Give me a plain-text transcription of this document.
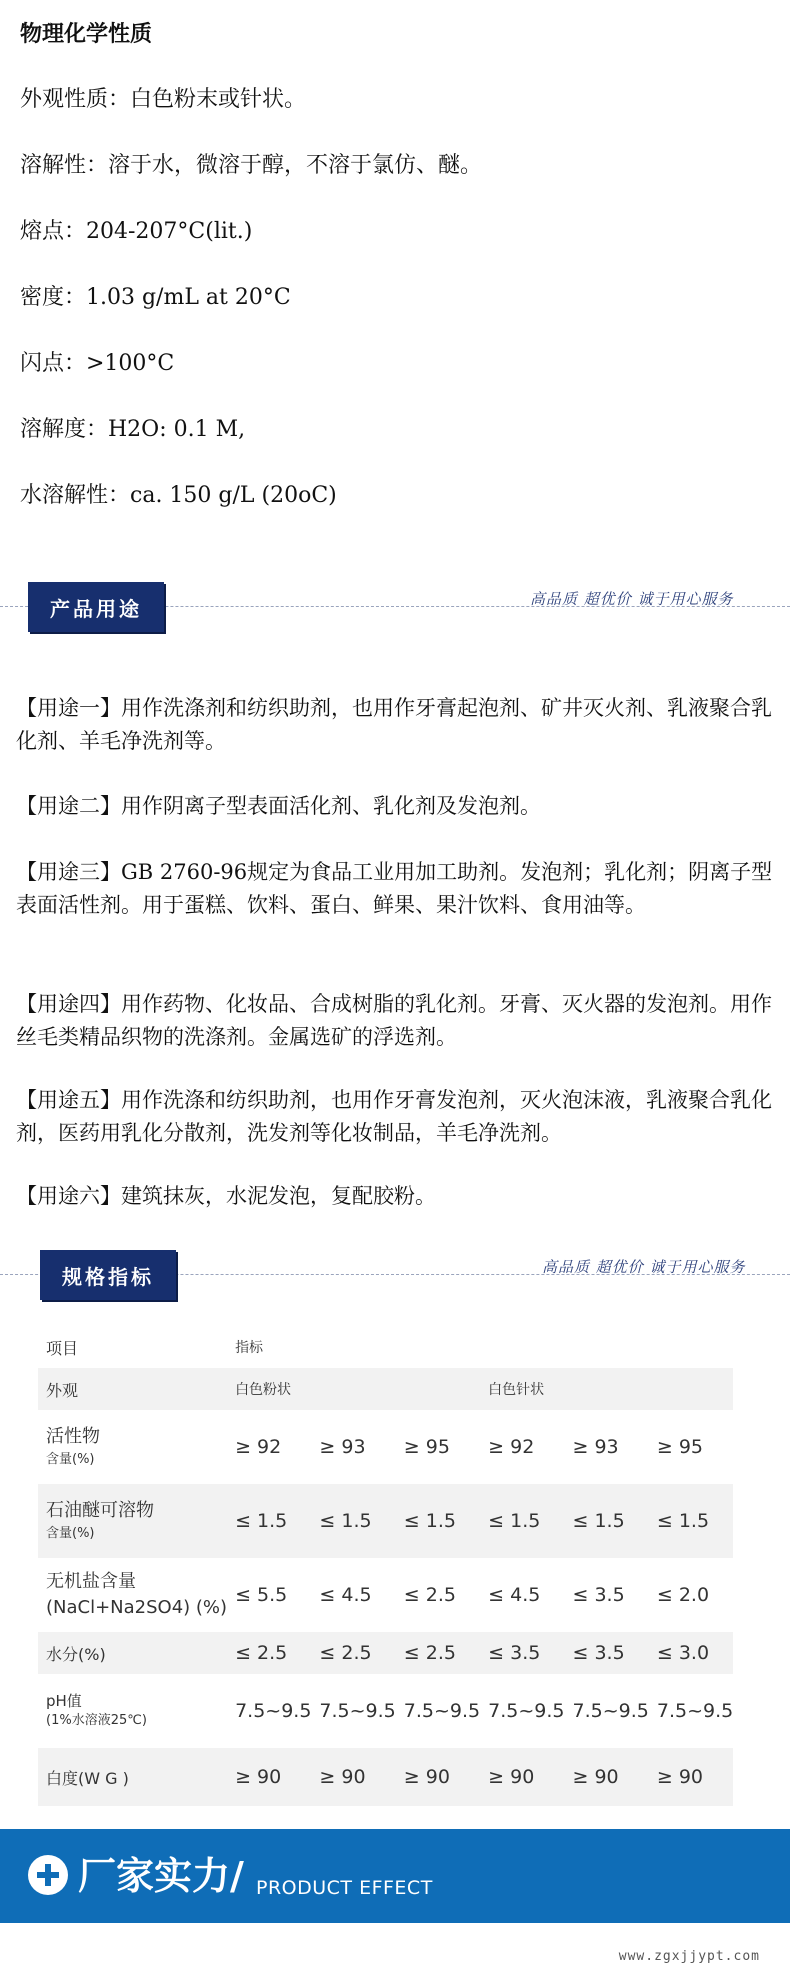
物理化学性质
外观性质：白色粉末或针状。
溶解性：溶于水，微溶于醇，不溶于氯仿、醚。
熔点：204-207°C(lit.)
密度：1.03 g/mL at 20°C
闪点：>100°C
溶解度：H2O: 0.1 M,
水溶解性：ca. 150 g/L (20oC)
产品用途	高品质 超优价 诚于用心服务
【用途一】用作洗涤剂和纺织助剂，也用作牙膏起泡剂、矿井灭火剂、乳液聚合乳化剂、羊毛净洗剂等。
【用途二】用作阴离子型表面活化剂、乳化剂及发泡剂。
【用途三】GB 2760-96规定为食品工业用加工助剂。发泡剂；乳化剂；阴离子型表面活性剂。用于蛋糕、饮料、蛋白、鲜果、果汁饮料、食用油等。
【用途四】用作药物、化妆品、合成树脂的乳化剂。牙膏、灭火器的发泡剂。用作丝毛类精品织物的洗涤剂。金属选矿的浮选剂。
【用途五】用作洗涤和纺织助剂，也用作牙膏发泡剂，灭火泡沫液，乳液聚合乳化剂，医药用乳化分散剂，洗发剂等化妆制品，羊毛净洗剂。
【用途六】建筑抹灰，水泥发泡，复配胶粉。
规格指标	高品质 超优价 诚于用心服务
项目	指标					
外观	白色粉状			白色针状		

活性物
含量(%)	≥ 92	≥ 93	≥ 95	≥ 92	≥ 93	≥ 95

石油醚可溶物
含量(%)	≤ 1.5	≤ 1.5	≤ 1.5	≤ 1.5	≤ 1.5	≤ 1.5

无机盐含量
(NaCl+Na2SO4) (%)	≤ 5.5	≤ 4.5	≤ 2.5	≤ 4.5	≤ 3.5	≤ 2.0
水分(%)	≤ 2.5	≤ 2.5	≤ 2.5	≤ 3.5	≤ 3.5	≤ 3.0

pH值
(1%水溶液25℃)	7.5~9.5	7.5~9.5	7.5~9.5	7.5~9.5	7.5~9.5	7.5~9.5
白度(W G )	≥ 90	≥ 90	≥ 90	≥ 90	≥ 90	≥ 90
厂家实力/ PRODUCT EFFECT
www.zgxjjypt.com
